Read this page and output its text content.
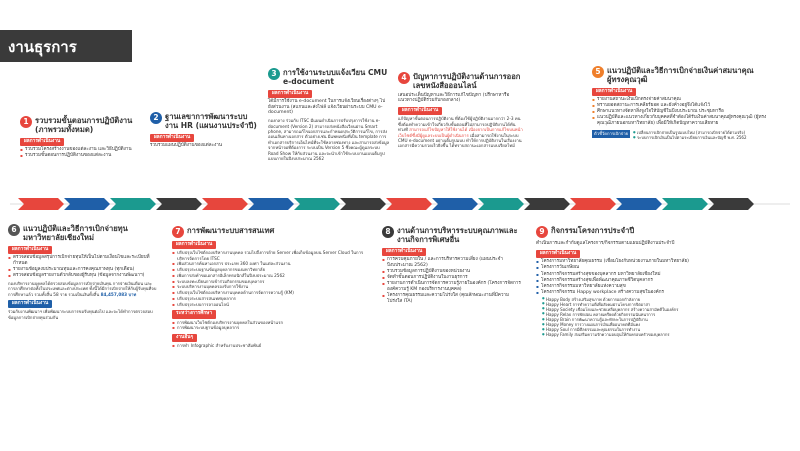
งานธุรการ
1 รวบรวมขั้นตอนการปฏิบัติงาน (ภาพรวมทั้งหมด)
ผลการดำเนินงาน
▪ รวบรวมโครงสร้างงานของแต่ละงาน และวิธีปฏิบัติงาน
▪ รวบรวมขั้นตอนการปฏิบัติงานของแต่ละงาน
2 ฐานเลขาการพัฒนาระบบงาน HR (แผนงานประจำปี)
ผลการดำเนินงาน
รวบรวมแผนปฏิบัติงานของแต่ละงาน
3 การใช้งานระบบแจ้งเวียน CMU e-document
ผลการดำเนินงาน
ได้มีการใช้งาน e-document ในการแจ้งเวียนเรื่องต่างๆ ไปยังส่วนงาน (สแกนและส่งไฟล์ แจ้งเวียนผ่านระบบ CMU e-document)
กองกลาง ร่วมกับ ITSC มีแผนดำเนินการปรับปรุงการใช้งาน e-document (Version 2) สามารถส่งหนังสือเวียนผ่าน Smart phone, สามารถแก้ไขเอกสารและกำหนดประวัติการแก้ไข, การส่งออนเส้นทางเอกสาร ตัวอย่างเช่น มีแพทเทนิ่งที่เป็น template การทำเอกสารบริการเอ็นไทน์ที่จะใช้หลายช่องทาง และสามารถส่งข้อมูลจากหน้าจอที่ต้องการ ระบบเป็น Version 5 ซึ่งคณะผู้ดูแลระบบ Road Show ให้กับส่วนงาน และจะนำเข้าใช้ระบบงานแบบเต็มรูปแบบภายในปีงบประมาณ 2562
4 ปัญหาการปฏิบัติงานด้านการออกเลขหนังสือออนไลน์
เสนอประเด็นปัญหาและวิธีการแก้ไขปัญหา (ปรึกษาหารือแนวทางปฏิบัติร่วมกับกองกลาง)
ผลการดำเนินงาน
แก้ปัญหาขั้นตอนการปฏิบัติงาน ที่ต้องใช้ผู้ปฏิบัติงานมากกว่า 2-3 คน ซึ่งต้องทำความเข้าใจเกี่ยวกับขั้นตอนที่ไม่สามารถปฏิบัติงานได้ทันท่วงที สามารถแก้ไขปัญหาให้ใช้งานได้ เนื่องจากเป็นการแก้ไขบนหน้าเว็บไซต์ซึ่งมีผู้ดูแลระบบเป็นผู้ดำเนินการ เมื่อสามารถใช้งานในระบบ CMU e-document อย่างเต็มรูปแบบ ทำให้การปฏิบัติงานในเรื่องงานเอกสารมีความรวดเร็วยิ่งขึ้น ได้ทราบสถานะเอกสารแบบเรียลไทม์
5 แนวปฏิบัติและวิธีการเบิกจ่ายเงินค่าสมนาคุณผู้ทรงคุณวุฒิ
ผลการดำเนินงาน
▪ รายงานสถานะเงินเบิกตรงจ่ายค่าสมนาคุณ
▪ ทราบยอดสถานะการเคลียร์ยอด และยังค้างอยู่จึงได้แจ้งไว้
▪ ศึกษาแนวทางจัดหาสิ่งจูงใจให้บัญชีในปีงบประมาณ ประชุมหารือ
▪ แนวปฏิบัติและแนวทางเกี่ยวกับบุคคลที่จำต้องได้รับเงินค่าสมนาคุณผู้ทรงคุณวุฒิ (ผู้ทรงคุณวุฒิภายนอกมหาวิทยาลัย) เพื่อมิให้เกิดปัญหาความเสียหาย
ตัวชี้วัดการเบิกจ่าย
●	เปลี่ยนการเบิกจ่ายเป็นรูปแบบใหม่ (สามารถเบิกจ่ายได้ตามจริง)
● ระบบการเบิกเงินเป็นไปตามระเบียบการเงินและบัญชี พ.ศ. 2562
6 แนวปฏิบัติและวิธีการเบิกจ่ายทุนมหาวิทยาลัยเชียงใหม่
ผลการดำเนินงาน
▪ ตรวจสอบข้อมูลสรุปการเบิกจ่ายทุนให้เป็นไปตามเงื่อนไขและระเบียบที่กำหนด
▪ รายงานข้อมูลงบประมาณทุนและการคงคุณภาพทุน (ทุกเดือน)
▪ ตรวจสอบข้อมูลรายงานตัวกลับของผู้รับทุน (ข้อมูลจากงานพัฒนาฯ)
กองบริหารงานบุคคลได้ตรวจสอบข้อมูลการเบิกจ่ายเงินทุน การจ่ายเงินเดือน และการลาศึกษาต่อทั้งในประเทศและต่างประเทศ ทั้งนี้ได้มีการเบิกจ่ายให้กับผู้รับทุนที่จบการศึกษาแล้ว รวมทั้งสิ้น 58 ราย รวมเป็นเงินทั้งสิ้น 84,457,083 บาท
ผลการดำเนินงาน
ร่วมกับงานพัฒนาฯ เพื่อพัฒนาระบบการขอรับทุนต่อไป และจะได้ทำการตรวจสอบข้อมูลการเบิกจ่ายทุนร่วมกัน
7 การพัฒนาระบบสารสนเทศ
ผลการดำเนินงาน
▪ ปรับปรุงเว็บไซต์กองบริหารงานบุคคล รวมไปถึงการย้าย Server เพื่อเก็บข้อมูลบน Server Cloud ในการบริหารจัดการโดย ITSC
▪ เพิ่มส่วนการค้นหาเอกสาร ประเภท 360 องศา ในแต่ละส่วนงาน
▪ ปรับปรุงระบบฐานข้อมูลบุคลากรของมหาวิทยาลัย
▪ เพิ่มการส่งคำขอเอกสารอิเล็กทรอนิกส์ในปีงบประมาณ 2562
▪ ระบบลงทะเบียนการเข้าร่วมกิจกรรมของบุคลากร
▪ ระบบบริหารงานบุคคลรองรับการใช้งาน
▪ ปรับปรุงเว็บไซต์กองบริหารงานบุคคลด้านการจัดการความรู้ (KM)
▪ ปรับปรุงระบบสารสนเทศบุคลากร
▪ ปรับปรุงระบบการลาออนไลน์
ระหว่างการศึกษา
▪ การพัฒนาเว็บไซต์กองบริหารงานบุคคลในส่วนของหน้าแรก
▪ การพัฒนาระบบฐานข้อมูลบุคลากร
งานอื่นๆ
▪ การทำ Infographic สำหรับงานประชาสัมพันธ์
8 งานด้านการบริหารระบบคุณภาพและงานกิจการพิเศษอื่น
ผลการดำเนินงาน
▪ การควบคุมภายใน / และการบริหารความเสี่ยง (แผนประจำปีงบประมาณ 2562)
▪ รวบรวมข้อมูลการปฏิบัติงานของหน่วยงาน
▪ จัดทำขั้นตอนการปฏิบัติงานในงานธุรการ
▪ รายงานการดำเนินการจัดการความรู้ภายในองค์กร (โครงการจัดการองค์ความรู้ KM กองบริหารงานบุคคล)
▪ โครงการคุณธรรมและความโปร่งใส (คุณลักษณะงานที่มีความโปร่งใส ITA)
9 กิจกรรมโครงการประจำปี
ดำเนินการและกำกับดูแลโครงการ/กิจกรรมตามแผนปฏิบัติงานประจำปี
ผลการดำเนินงาน
▪ โครงการมหาวิทยาลัยคุณธรรม (เชื่อมโยงกับหน่วยงานภายในมหาวิทยาลัย)
▪ โครงการวันเกษียณ
▪ โครงการกิจกรรมสร้างสุขของบุคลากร มหาวิทยาลัยเชียงใหม่
▪ โครงการกิจกรรมสร้างสุขเพื่อพัฒนาคุณภาพชีวิตบุคลากร
▪ โครงการกิจกรรมมหาวิทยาลัยแห่งความสุข
▪ โครงการกิจกรรม Happy workplace สร้างความสุขในองค์กร
● Happy Body สร้างเสริมสุขภาพ ด้วยการออกกำลังกาย
● Happy Heart การทำความดีเพื่อสังคมผ่านโครงการจิตอาสา
● Happy Society เชื่อมโยงและช่วยเหลือบุคลากร สร้างความสามัคคีในองค์กร
● Happy Relax การพักผ่อน คลายเครียดด้วยกิจกรรมนันทนาการ
● Happy Brain การพัฒนาความรู้และทักษะในการปฏิบัติงาน
● Happy Money การวางแผนการเงินเพื่ออนาคตที่มั่นคง
● Happy Soul การมีศีลธรรมและคุณธรรมในการทำงาน
● Happy Family ส่งเสริมความรักความอบอุ่นให้กับครอบครัวของบุคลากร
